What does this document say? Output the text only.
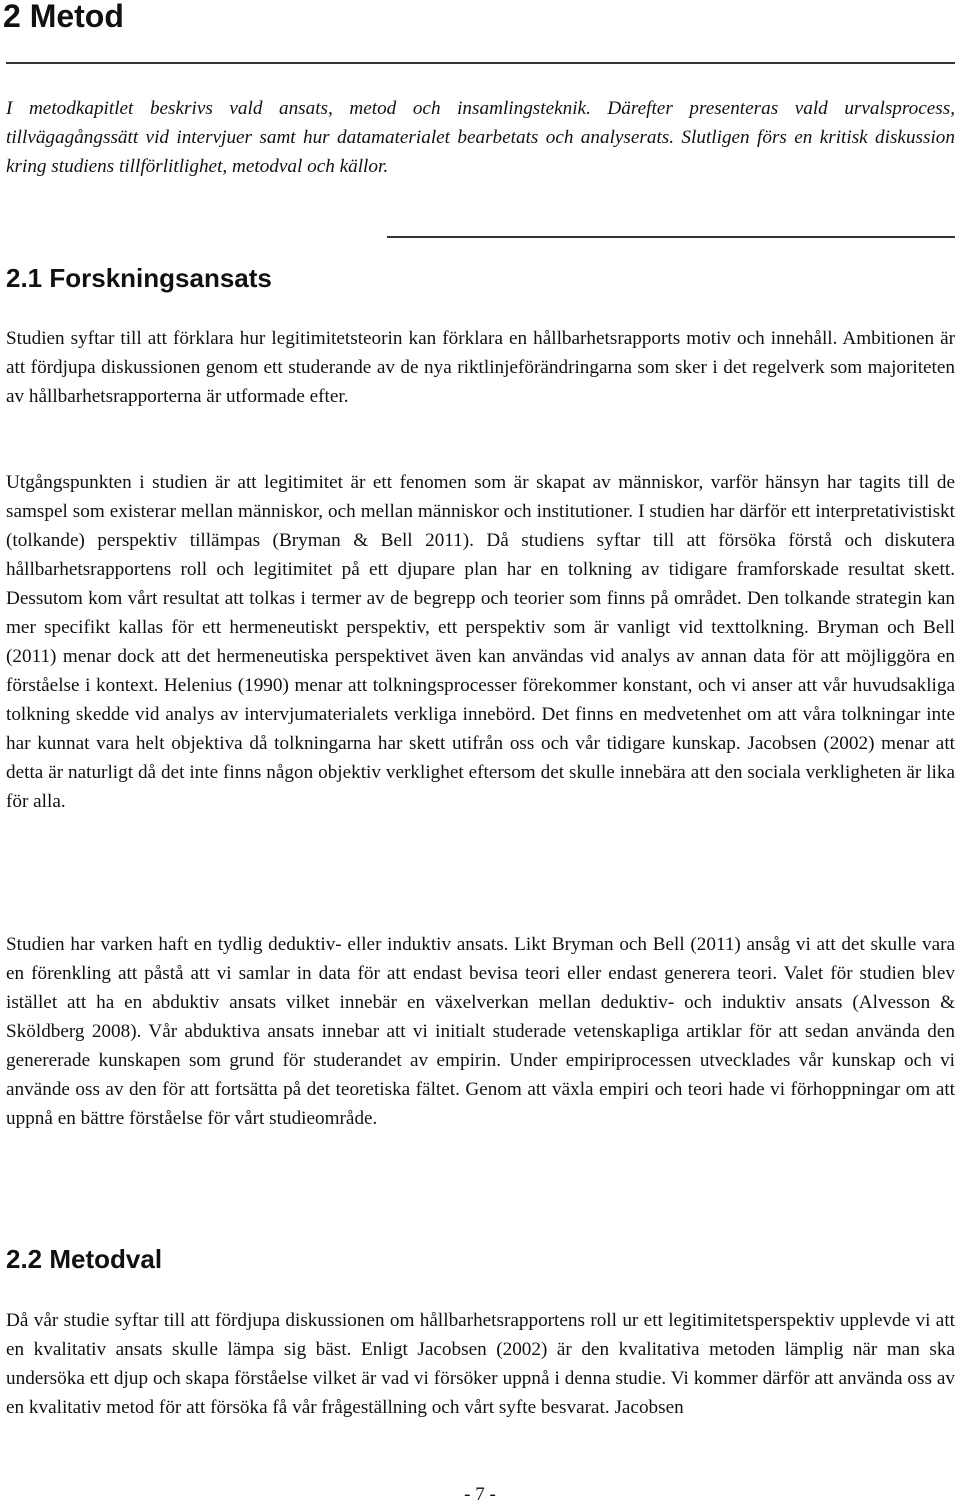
2 Metod

I metodkapitlet beskrivs vald ansats, metod och insamlingsteknik. Därefter presenteras vald urvalsprocess, tillvägagångssätt vid intervjuer samt hur datamaterialet bearbetats och analyserats. Slutligen förs en kritisk diskussion kring studiens tillförlitlighet, metodval och källor.

2.1 Forskningsansats

Studien syftar till att förklara hur legitimitetsteorin kan förklara en hållbarhetsrapports motiv och innehåll. Ambitionen är att fördjupa diskussionen genom ett studerande av de nya riktlinjeförändringarna som sker i det regelverk som majoriteten av hållbarhetsrapporterna är utformade efter.

Utgångspunkten i studien är att legitimitet är ett fenomen som är skapat av människor, varför hänsyn har tagits till de samspel som existerar mellan människor, och mellan människor och institutioner. I studien har därför ett interpretativistiskt (tolkande) perspektiv tillämpas (Bryman & Bell 2011). Då studiens syftar till att försöka förstå och diskutera hållbarhetsrapportens roll och legitimitet på ett djupare plan har en tolkning av tidigare framforskade resultat skett. Dessutom kom vårt resultat att tolkas i termer av de begrepp och teorier som finns på området. Den tolkande strategin kan mer specifikt kallas för ett hermeneutiskt perspektiv, ett perspektiv som är vanligt vid texttolkning. Bryman och Bell (2011) menar dock att det hermeneutiska perspektivet även kan användas vid analys av annan data för att möjliggöra en förståelse i kontext. Helenius (1990) menar att tolkningsprocesser förekommer konstant, och vi anser att vår huvudsakliga tolkning skedde vid analys av intervjumaterialets verkliga innebörd. Det finns en medvetenhet om att våra tolkningar inte har kunnat vara helt objektiva då tolkningarna har skett utifrån oss och vår tidigare kunskap. Jacobsen (2002) menar att detta är naturligt då det inte finns någon objektiv verklighet eftersom det skulle innebära att den sociala verkligheten är lika för alla.

Studien har varken haft en tydlig deduktiv- eller induktiv ansats. Likt Bryman och Bell (2011) ansåg vi att det skulle vara en förenkling att påstå att vi samlar in data för att endast bevisa teori eller endast generera teori. Valet för studien blev istället att ha en abduktiv ansats vilket innebär en växelverkan mellan deduktiv- och induktiv ansats (Alvesson & Sköldberg 2008). Vår abduktiva ansats innebar att vi initialt studerade vetenskapliga artiklar för att sedan använda den genererade kunskapen som grund för studerandet av empirin. Under empiriprocessen utvecklades vår kunskap och vi använde oss av den för att fortsätta på det teoretiska fältet. Genom att växla empiri och teori hade vi förhoppningar om att uppnå en bättre förståelse för vårt studieområde.

2.2 Metodval

Då vår studie syftar till att fördjupa diskussionen om hållbarhetsrapportens roll ur ett legitimitetsperspektiv upplevde vi att en kvalitativ ansats skulle lämpa sig bäst. Enligt Jacobsen (2002) är den kvalitativa metoden lämplig när man ska undersöka ett djup och skapa förståelse vilket är vad vi försöker uppnå i denna studie. Vi kommer därför att använda oss av en kvalitativ metod för att försöka få vår frågeställning och vårt syfte besvarat. Jacobsen

- 7 -
